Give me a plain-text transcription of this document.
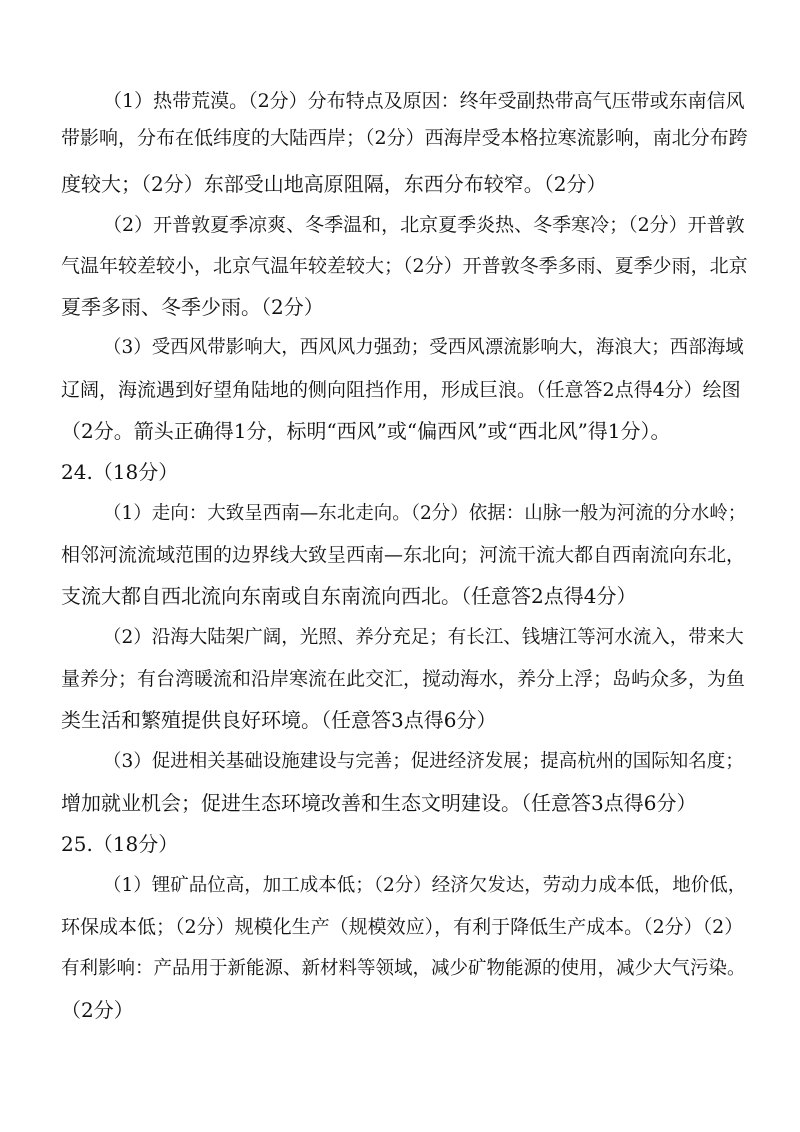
（1）热带荒漠。（2分）分布特点及原因：终年受副热带高气压带或东南信风
带影响，分布在低纬度的大陆西岸；（2分）西海岸受本格拉寒流影响，南北分布跨
度较大；（2分）东部受山地高原阻隔，东西分布较窄。（2分）
（2）开普敦夏季凉爽、冬季温和，北京夏季炎热、冬季寒冷；（2分）开普敦
气温年较差较小，北京气温年较差较大；（2分）开普敦冬季多雨、夏季少雨，北京
夏季多雨、冬季少雨。（2分）
（3）受西风带影响大，西风风力强劲；受西风漂流影响大，海浪大；西部海域
辽阔，海流遇到好望角陆地的侧向阻挡作用，形成巨浪。（任意答2点得4分）绘图
（2分。箭头正确得1分，标明“西风”或“偏西风”或“西北风”得1分）。
24.（18分）
（1）走向：大致呈西南—东北走向。（2分）依据：山脉一般为河流的分水岭；
相邻河流流域范围的边界线大致呈西南—东北向；河流干流大都自西南流向东北，
支流大都自西北流向东南或自东南流向西北。（任意答2点得4分）
（2）沿海大陆架广阔，光照、养分充足；有长江、钱塘江等河水流入，带来大
量养分；有台湾暖流和沿岸寒流在此交汇，搅动海水，养分上浮；岛屿众多，为鱼
类生活和繁殖提供良好环境。（任意答3点得6分）
（3）促进相关基础设施建设与完善；促进经济发展；提高杭州的国际知名度；
增加就业机会；促进生态环境改善和生态文明建设。（任意答3点得6分）
25.（18分）
（1）锂矿品位高，加工成本低；（2分）经济欠发达，劳动力成本低，地价低，
环保成本低；（2分）规模化生产（规模效应），有利于降低生产成本。（2分）（2）
有利影响：产品用于新能源、新材料等领域，减少矿物能源的使用，减少大气污染。
（2分）
